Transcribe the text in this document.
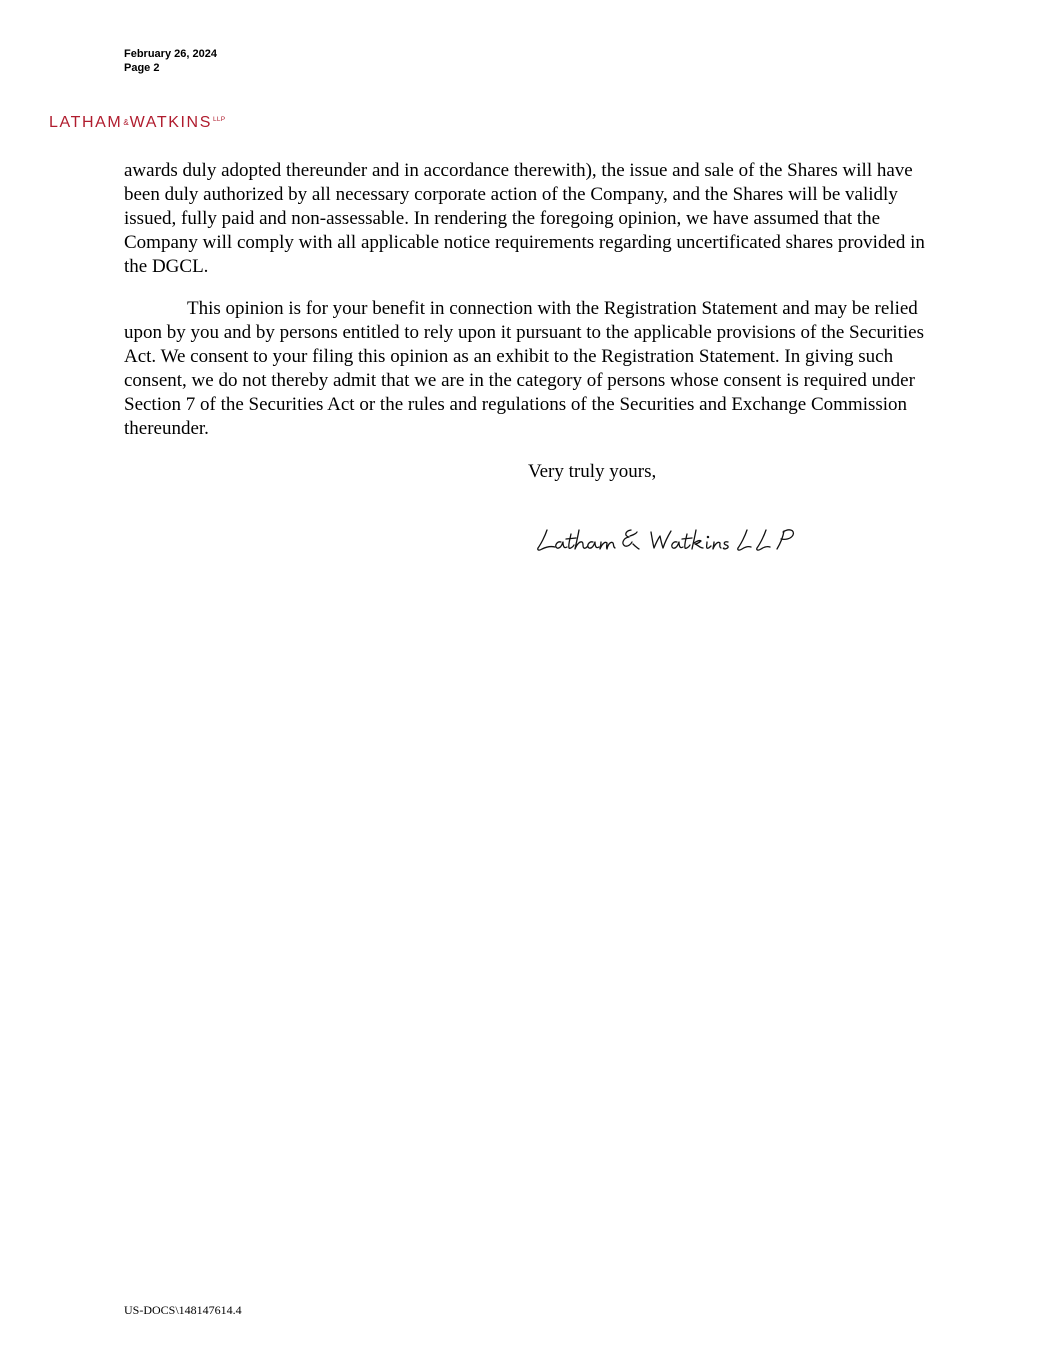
February 26, 2024
Page 2
$LATHAM\&WATKINS^{LLP}$

awards duly adopted thereunder and in accordance therewith), the issue and sale of the Shares will have been duly authorized by all necessary corporate action of the Company, and the Shares will be validly issued, fully paid and non-assessable. In rendering the foregoing opinion, we have assumed that the Company will comply with all applicable notice requirements regarding uncertificated shares provided in the DGCL.

This opinion is for your benefit in connection with the Registration Statement and may be relied upon by you and by persons entitled to rely upon it pursuant to the applicable provisions of the Securities Act. We consent to your filing this opinion as an exhibit to the Registration Statement. In giving such consent, we do not thereby admit that we are in the category of persons whose consent is required under Section 7 of the Securities Act or the rules and regulations of the Securities and Exchange Commission thereunder.

Very truly yours,
US-DOCS\148147614.4
